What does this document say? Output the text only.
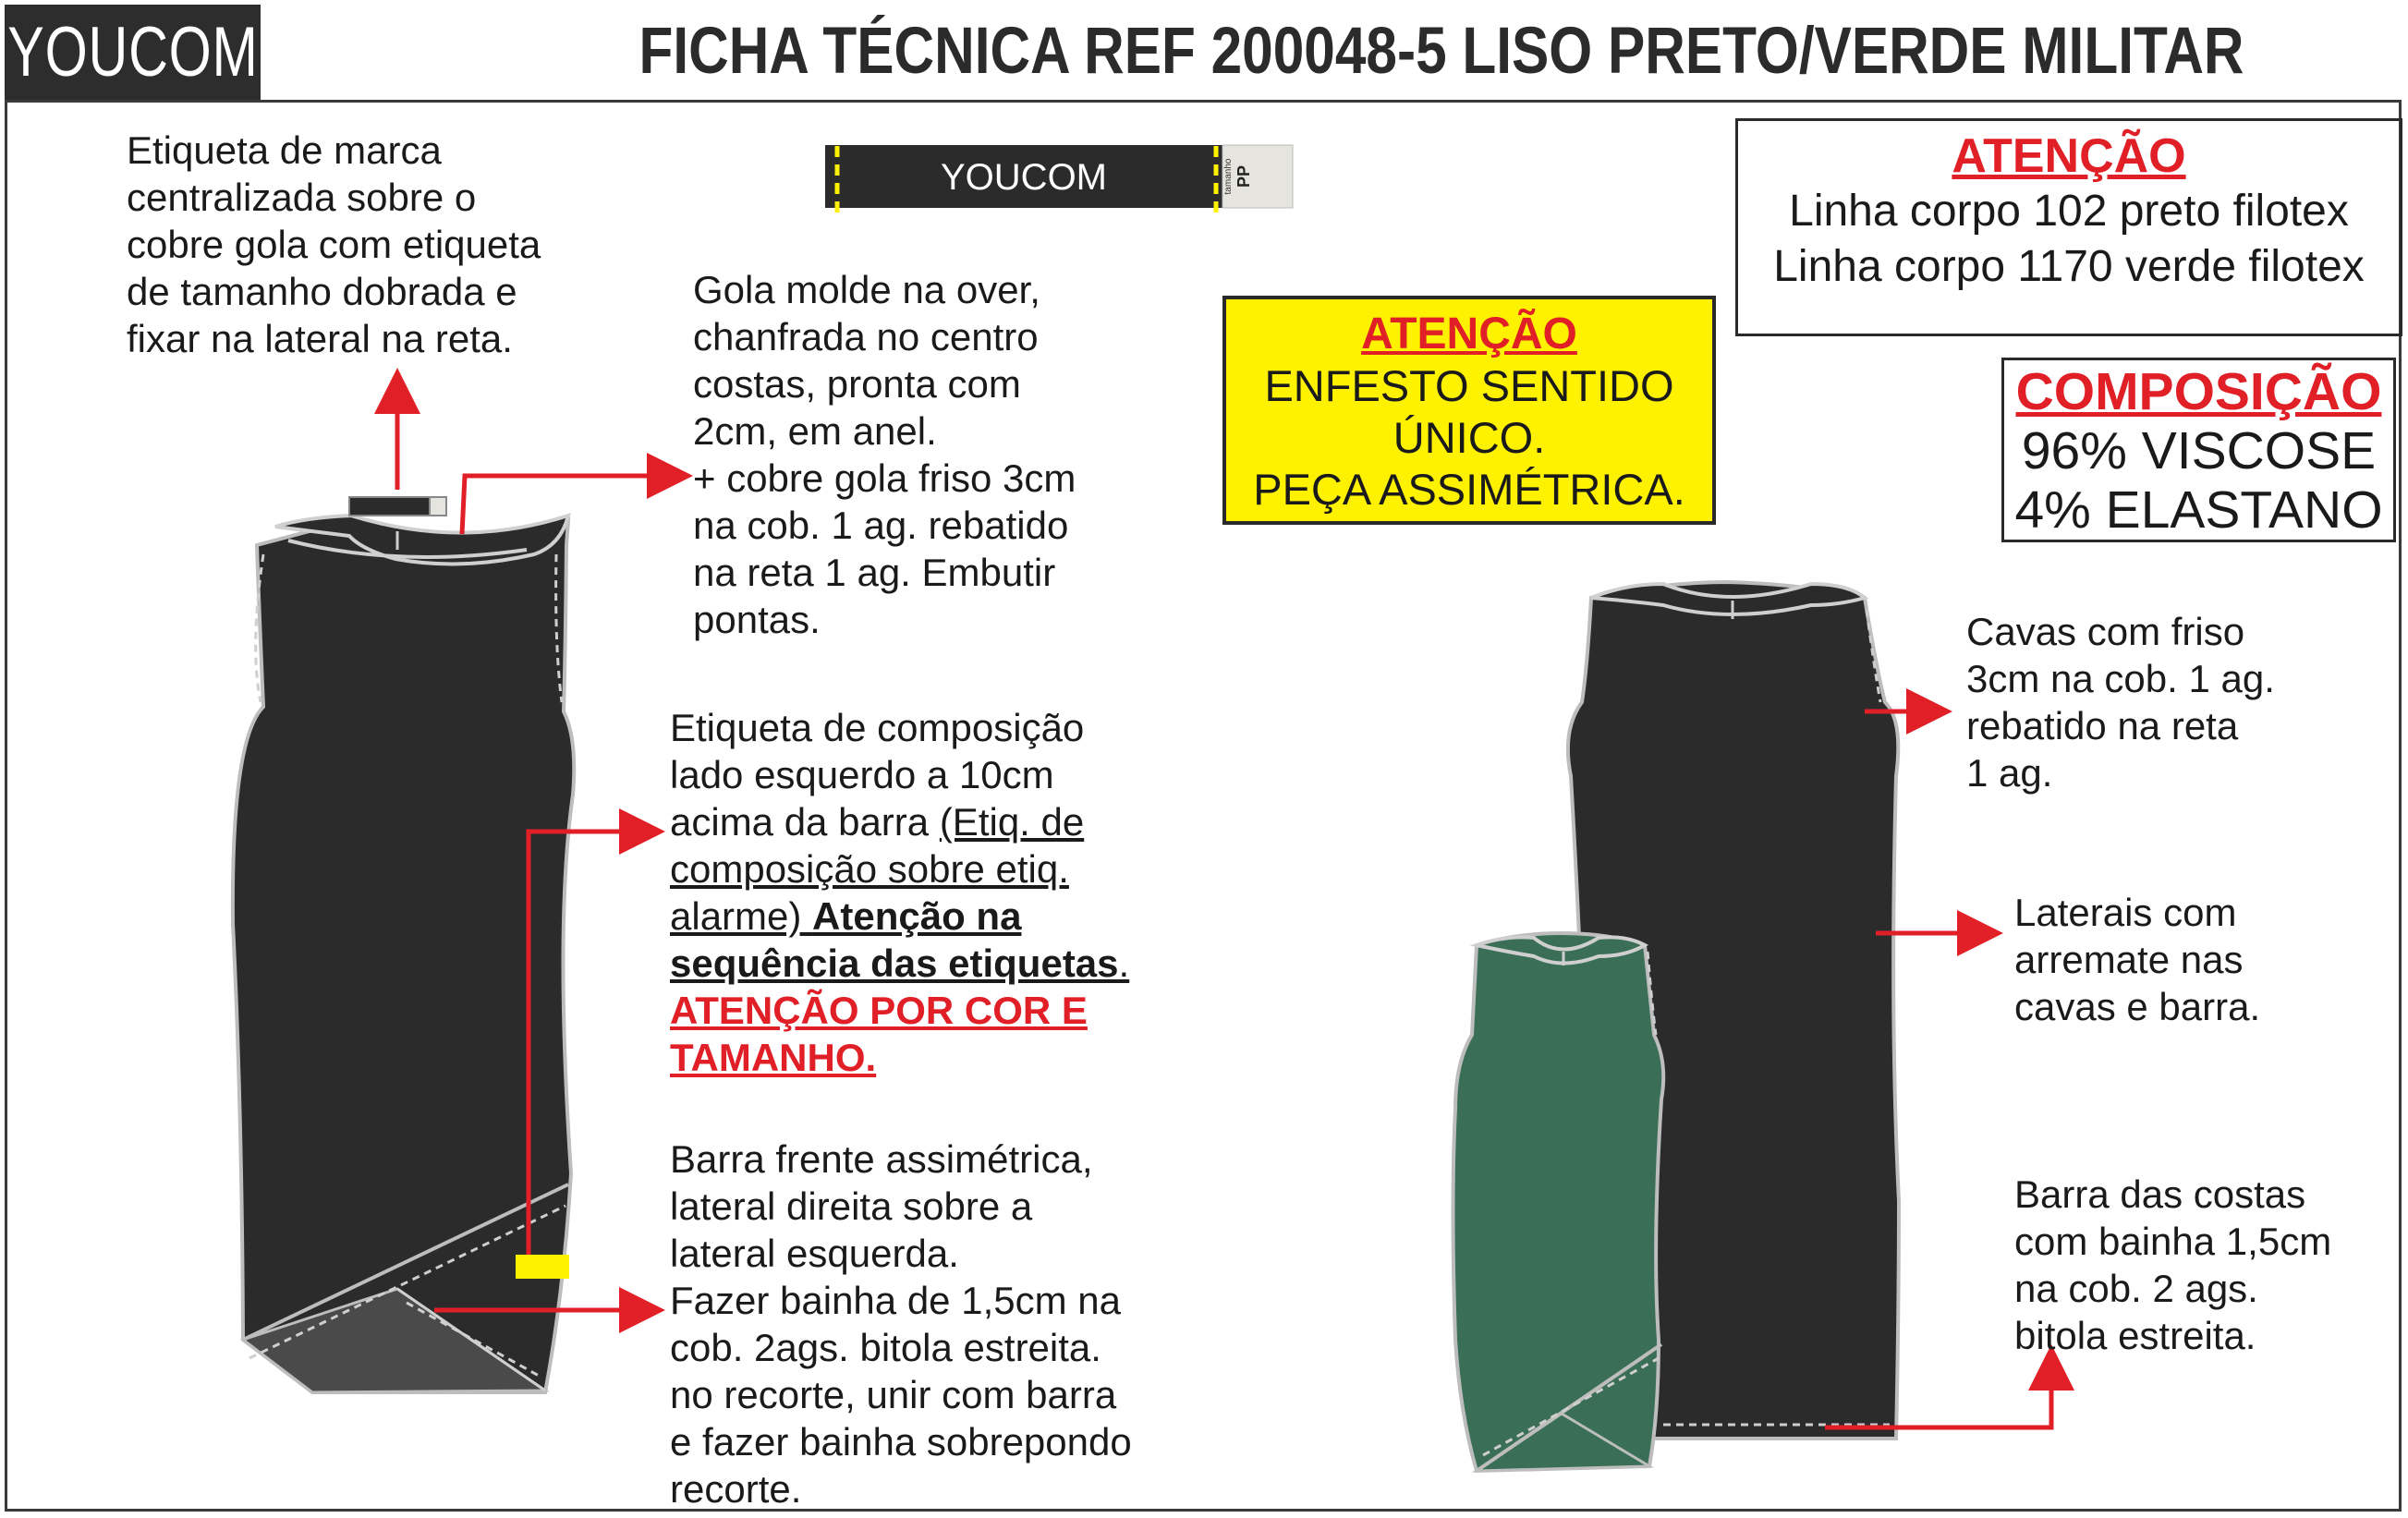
YOUCOM	FICHA TÉCNICA REF 200048-5 LISO PRETO/VERDE MILITAR
YOUCOM	tamanho PP
Etiqueta de marca
centralizada sobre o
cobre gola com etiqueta
de tamanho dobrada e
fixar na lateral na reta.
Gola molde na over,
chanfrada no centro
costas, pronta com
2cm, em anel.
+ cobre gola friso 3cm
na cob. 1 ag. rebatido
na reta 1 ag. Embutir
pontas.
Etiqueta de composição
lado esquerdo a 10cm
acima da barra (Etiq. de
composição sobre etiq.
alarme) Atenção na
sequência das etiquetas.
ATENÇÃO POR COR E
TAMANHO.
Barra frente assimétrica,
lateral direita sobre a
lateral esquerda.
Fazer bainha de 1,5cm na
cob. 2ags. bitola estreita.
no recorte, unir com barra
e fazer bainha sobrepondo
recorte.
Cavas com friso
3cm na cob. 1 ag.
rebatido na reta
1 ag.
Laterais com
arremate nas
cavas e barra.
Barra das costas
com bainha 1,5cm
na cob. 2 ags.
bitola estreita.
ATENÇÃO
ENFESTO SENTIDO
ÚNICO.
PEÇA ASSIMÉTRICA.
ATENÇÃO
Linha corpo 102 preto filotex
Linha corpo 1170 verde filotex
COMPOSIÇÃO
96% VISCOSE
4% ELASTANO
